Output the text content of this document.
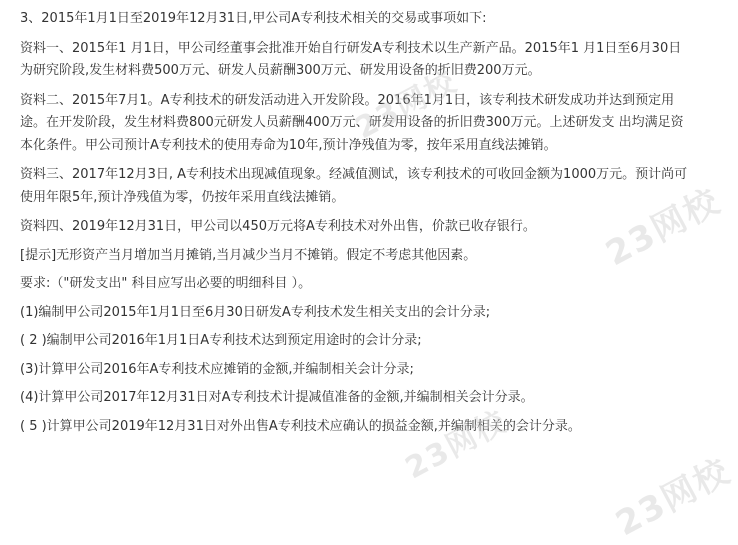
3、2015年1月1日至2019年12月31日,甲公司A专利技术相关的交易或事项如下:

资料一、2015年1 月1日，甲公司经董事会批准开始自行研发A专利技术以生产新产品。2015年1 月1日至6月30日为研究阶段,发生材料费500万元、研发人员薪酬300万元、研发用设备的折旧费200万元。

资料二、2015年7月1。A专利技术的研发活动进入开发阶段。2016年1月1日，该专利技术研发成功并达到预定用途。在开发阶段，发生材料费800元研发人员薪酬400万元、研发用设备的折旧费300万元。上述研发支 出均满足资本化条件。甲公司预计A专利技术的使用寿命为10年,预计净残值为零，按年采用直线法摊销。

资料三、2017年12月3日, A专利技术出现减值现象。经减值测试，该专利技术的可收回金额为1000万元。预计尚可使用年限5年,预计净残值为零，仍按年采用直线法摊销。

资料四、2019年12月31日，甲公司以450万元将A专利技术对外出售，价款已收存银行。

[提示]无形资产当月增加当月摊销,当月减少当月不摊销。假定不考虑其他因素。

要求:（"研发支出" 科目应写出必要的明细科目 ）。

(1)编制甲公司2015年1月1日至6月30日研发A专利技术发生相关支出的会计分录;

( 2 )编制甲公司2016年1月1日A专利技术达到预定用途时的会计分录;

(3)计算甲公司2016年A专利技术应摊销的金额,并编制相关会计分录;

(4)计算甲公司2017年12月31日对A专利技术计提减值准备的金额,并编制相关会计分录。

( 5 )计算甲公司2019年12月31日对外出售A专利技术应确认的损益金额,并编制相关的会计分录。

23网校
23网校
23网校
23网校
